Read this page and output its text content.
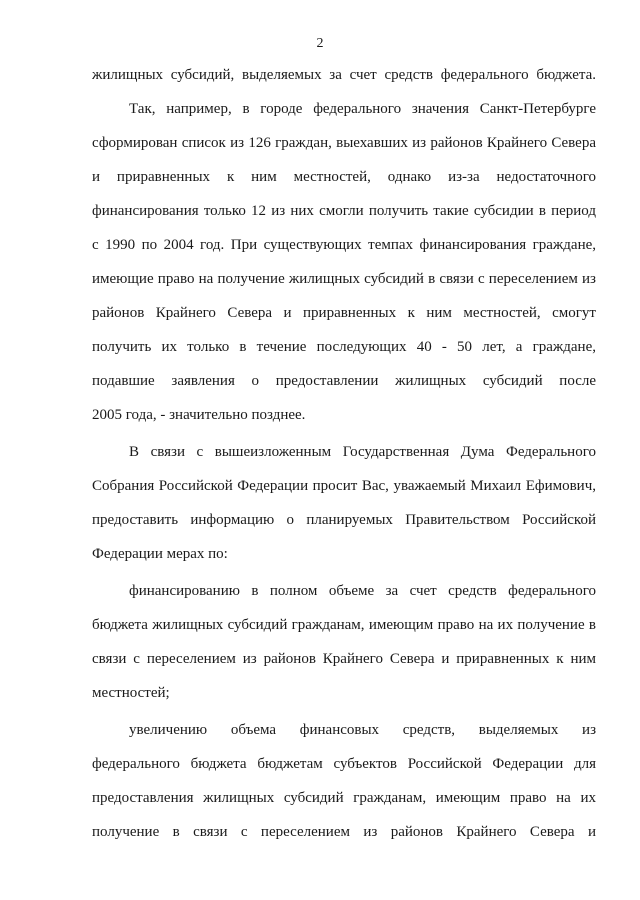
2
жилищных субсидий, выделяемых за счет средств федерального бюджета.
Так, например, в городе федерального значения Санкт-Петербурге
сформирован список из 126 граждан, выехавших из районов Крайнего Севера
и приравненных к ним местностей, однако из-за недостаточного
финансирования только 12 из них смогли получить такие субсидии в период
с 1990 по 2004 год. При существующих темпах финансирования граждане,
имеющие право на получение жилищных субсидий в связи с переселением из
районов Крайнего Севера и приравненных к ним местностей, смогут
получить их только в течение последующих 40 - 50 лет, а граждане,
подавшие заявления о предоставлении жилищных субсидий после
2005 года, - значительно позднее.
В связи с вышеизложенным Государственная Дума Федерального
Собрания Российской Федерации просит Вас, уважаемый Михаил Ефимович,
предоставить информацию о планируемых Правительством Российской
Федерации мерах по:
финансированию в полном объеме за счет средств федерального
бюджета жилищных субсидий гражданам, имеющим право на их получение в
связи с переселением из районов Крайнего Севера и приравненных к ним
местностей;
увеличению объема финансовых средств, выделяемых из
федерального бюджета бюджетам субъектов Российской Федерации для
предоставления жилищных субсидий гражданам, имеющим право на их
получение в связи с переселением из районов Крайнего Севера и
